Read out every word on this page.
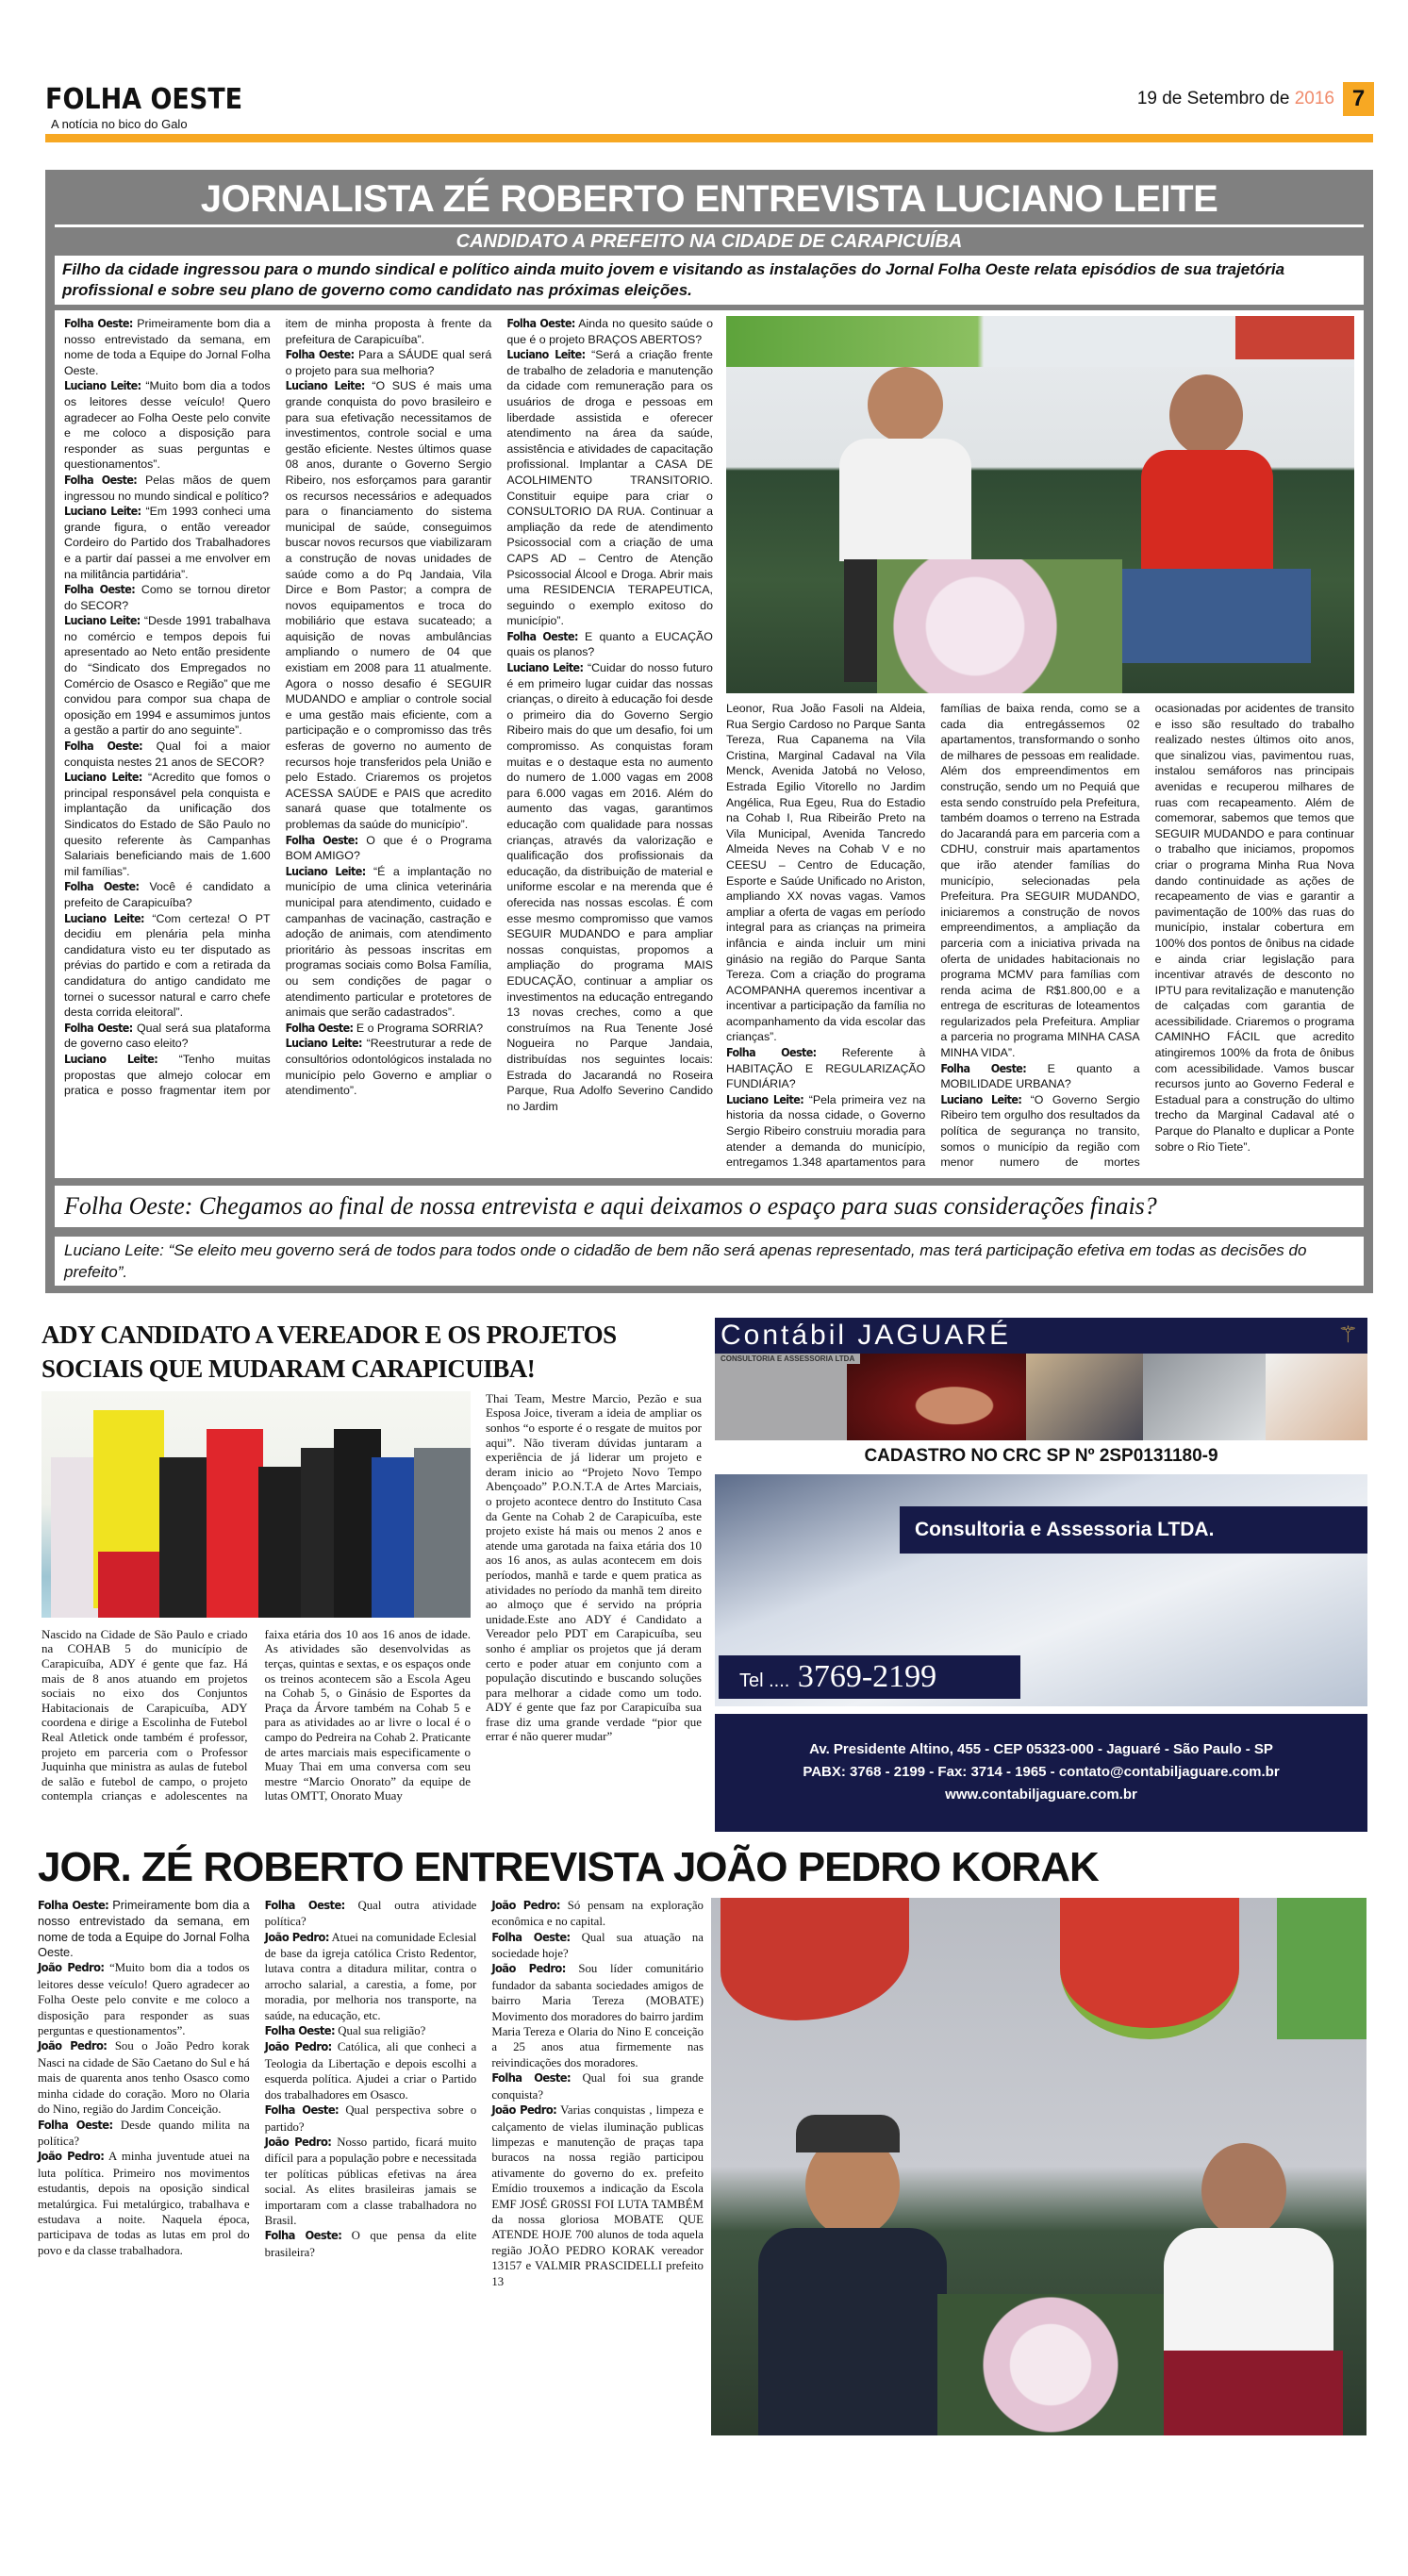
FOLHA OESTE
A notícia no bico do Galo
19 de Setembro de 2016 7
JORNALISTA ZÉ ROBERTO ENTREVISTA LUCIANO LEITE
CANDIDATO A PREFEITO NA CIDADE DE CARAPICUÍBA
Filho da cidade ingressou para o mundo sindical e político ainda muito jovem e visitando as instalações do Jornal Folha Oeste relata episódios de sua trajetória profissional e sobre seu plano de governo como candidato nas próximas eleições.

Folha Oeste: Primeiramente bom dia a nosso entrevistado da semana, em nome de toda a Equipe do Jornal Folha Oeste.

Luciano Leite: “Muito bom dia a todos os leitores desse veículo! Quero agradecer ao Folha Oeste pelo convite e me coloco a disposição para responder as suas perguntas e questionamentos”.

Folha Oeste: Pelas mãos de quem ingressou no mundo sindical e político?

Luciano Leite: “Em 1993 conheci uma grande figura, o então vereador Cordeiro do Partido dos Trabalhadores e a partir daí passei a me envolver em na militância partidária”.

Folha Oeste: Como se tornou diretor do SECOR?

Luciano Leite: “Desde 1991 trabalhava no comércio e tempos depois fui apresentado ao Neto então presidente do “Sindicato dos Empregados no Comércio de Osasco e Região” que me convidou para compor sua chapa de oposição em 1994 e assumimos juntos a gestão a partir do ano seguinte”.

Folha Oeste: Qual foi a maior conquista nestes 21 anos de SECOR?

Luciano Leite: “Acredito que fomos o principal responsável pela conquista e implantação da unificação dos Sindicatos do Estado de São Paulo no quesito referente às Campanhas Salariais beneficiando mais de 1.600 mil famílias”.

Folha Oeste: Você é candidato a prefeito de Carapicuíba?

Luciano Leite: “Com certeza! O PT decidiu em plenária pela minha candidatura visto eu ter disputado as prévias do partido e com a retirada da candidatura do antigo candidato me tornei o sucessor natural e carro chefe desta corrida eleitoral”.

Folha Oeste: Qual será sua plataforma de governo caso eleito?

Luciano Leite: “Tenho muitas propostas que almejo colocar em pratica e posso fragmentar item por item de minha proposta à frente da prefeitura de Carapicuíba”.

Folha Oeste: Para a SÁUDE qual será o projeto para sua melhoria?

Luciano Leite: “O SUS é mais uma grande conquista do povo brasileiro e para sua efetivação necessitamos de investimentos, controle social e uma gestão eficiente. Nestes últimos quase 08 anos, durante o Governo Sergio Ribeiro, nos esforçamos para garantir os recursos necessários e adequados para o financiamento do sistema municipal de saúde, conseguimos buscar novos recursos que viabilizaram a construção de novas unidades de saúde como a do Pq Jandaia, Vila Dirce e Bom Pastor; a compra de novos equipamentos e troca do mobiliário que estava sucateado; a aquisição de novas ambulâncias ampliando o numero de 04 que existiam em 2008 para 11 atualmente. Agora o nosso desafio é SEGUIR MUDANDO e ampliar o controle social e uma gestão mais eficiente, com a participação e o compromisso das três esferas de governo no aumento de recursos hoje transferidos pela União e pelo Estado. Criaremos os projetos ACESSA SAÚDE e PAIS que acredito sanará quase que totalmente os problemas da saúde do município”.

Folha Oeste: O que é o Programa BOM AMIGO?

Luciano Leite: “É a implantação no município de uma clinica veterinária municipal para atendimento, cuidado e campanhas de vacinação, castração e adoção de animais, com atendimento prioritário às pessoas inscritas em programas sociais como Bolsa Família, ou sem condições de pagar o atendimento particular e protetores de animais que serão cadastrados”.

Folha Oeste: E o Programa SORRIA?

Luciano Leite: “Reestruturar a rede de consultórios odontológicos instalada no município pelo Governo e ampliar o atendimento”.

Folha Oeste: Ainda no quesito saúde o que é o projeto BRAÇOS ABERTOS?

Luciano Leite: “Será a criação frente de trabalho de zeladoria e manutenção da cidade com remuneração para os usuários de droga e pessoas em liberdade assistida e oferecer atendimento na área da saúde, assistência e atividades de capacitação profissional. Implantar a CASA DE ACOLHIMENTO TRANSITORIO. Constituir equipe para criar o CONSULTORIO DA RUA. Continuar a ampliação da rede de atendimento Psicossocial com a criação de uma CAPS AD – Centro de Atenção Psicossocial Álcool e Droga. Abrir mais uma RESIDENCIA TERAPEUTICA, seguindo o exemplo exitoso do município”.

Folha Oeste: E quanto a EUCAÇÃO quais os planos?

Luciano Leite: “Cuidar do nosso futuro é em primeiro lugar cuidar das nossas crianças, o direito à educação foi desde o primeiro dia do Governo Sergio Ribeiro mais do que um desafio, foi um compromisso. As conquistas foram muitas e o destaque esta no aumento do numero de 1.000 vagas em 2008 para 6.000 vagas em 2016. Além do aumento das vagas, garantimos educação com qualidade para nossas crianças, através da valorização e qualificação dos profissionais da educação, da distribuição de material e uniforme escolar e na merenda que é oferecida nas nossas escolas. É com esse mesmo compromisso que vamos SEGUIR MUDANDO e para ampliar nossas conquistas, propomos a ampliação do programa MAIS EDUCAÇÃO, continuar a ampliar os investimentos na educação entregando 13 novas creches, como a que construímos na Rua Tenente José Nogueira no Parque Jandaia, distribuídas nos seguintes locais: Estrada do Jacarandá no Roseira Parque, Rua Adolfo Severino Candido no Jardim

Leonor, Rua João Fasoli na Aldeia, Rua Sergio Cardoso no Parque Santa Tereza, Rua Capanema na Vila Cristina, Marginal Cadaval na Vila Menck, Avenida Jatobá no Veloso, Estrada Egilio Vitorello no Jardim Angélica, Rua Egeu, Rua do Estadio na Cohab I, Rua Ribeirão Preto na Vila Municipal, Avenida Tancredo Almeida Neves na Cohab V e no CEESU – Centro de Educação, Esporte e Saúde Unificado no Ariston, ampliando XX novas vagas. Vamos ampliar a oferta de vagas em período integral para as crianças na primeira infância e ainda incluir um mini ginásio na região do Parque Santa Tereza. Com a criação do programa ACOMPANHA queremos incentivar a incentivar a participação da família no acompanhamento da vida escolar das crianças”.

Folha Oeste: Referente à HABITAÇÃO E REGULARIZAÇÃO FUNDIÁRIA?

Luciano Leite: “Pela primeira vez na historia da nossa cidade, o Governo Sergio Ribeiro construiu moradia para atender a demanda do município, entregamos 1.348 apartamentos para famílias de baixa renda, como se a cada dia entregássemos 02 apartamentos, transformando o sonho de milhares de pessoas em realidade. Além dos empreendimentos em construção, sendo um no Pequiá que esta sendo construído pela Prefeitura, também doamos o terreno na Estrada do Jacarandá para em parceria com a CDHU, construir mais apartamentos que irão atender famílias do município, selecionadas pela Prefeitura. Pra SEGUIR MUDANDO, iniciaremos a construção de novos empreendimentos, a ampliação da parceria com a iniciativa privada na oferta de unidades habitacionais no programa MCMV para famílias com renda acima de R$1.800,00 e a entrega de escrituras de loteamentos regularizados pela Prefeitura. Ampliar a parceria no programa MINHA CASA MINHA VIDA”.

Folha Oeste: E quanto a MOBILIDADE URBANA?

Luciano Leite: “O Governo Sergio Ribeiro tem orgulho dos resultados da política de segurança no transito, somos o município da região com menor numero de mortes ocasionadas por acidentes de transito e isso são resultado do trabalho realizado nestes últimos oito anos, que sinalizou vias, pavimentou ruas, instalou semáforos nas principais avenidas e recuperou milhares de ruas com recapeamento. Além de comemorar, sabemos que temos que SEGUIR MUDANDO e para continuar o trabalho que iniciamos, propomos criar o programa Minha Rua Nova dando continuidade as ações de recapeamento de vias e garantir a pavimentação de 100% das ruas do município, instalar cobertura em 100% dos pontos de ônibus na cidade e ainda criar legislação para incentivar através de desconto no IPTU para revitalização e manutenção de calçadas com garantia de acessibilidade. Criaremos o programa CAMINHO FÁCIL que acredito atingiremos 100% da frota de ônibus com acessibilidade. Vamos buscar recursos junto ao Governo Federal e Estadual para a construção do ultimo trecho da Marginal Cadaval até o Parque do Planalto e duplicar a Ponte sobre o Rio Tiete”.

Folha Oeste: Chegamos ao final de nossa entrevista e aqui deixamos o espaço para suas considerações finais?
Luciano Leite: “Se eleito meu governo será de todos para todos onde o cidadão de bem não será apenas representado, mas terá participação efetiva em todas as decisões do prefeito”.
ADY CANDIDATO A VEREADOR E OS PROJETOS
SOCIAIS QUE MUDARAM CARAPICUIBA!

Nascido na Cidade de São Paulo e criado na COHAB 5 do município de Carapicuíba, ADY é gente que faz. Há mais de 8 anos atuando em projetos sociais no eixo dos Conjuntos Habitacionais de Carapicuíba, ADY coordena e dirige a Escolinha de Futebol Real Atletick onde também é professor, projeto em parceria com o Professor Juquinha que ministra as aulas de futebol de salão e futebol de campo, o projeto contempla crianças e adolescentes na faixa etária dos 10 aos 16 anos de idade. As atividades são desenvolvidas as terças, quintas e sextas, e os espaços onde os treinos acontecem são a Escola Ageu na Cohab 5, o Ginásio de Esportes da Praça da Árvore também na Cohab 5 e para as atividades ao ar livre o local é o campo do Pedreira na Cohab 2. Praticante de artes marciais mais especificamente o Muay Thai em uma conversa com seu mestre “Marcio Onorato” da equipe de lutas OMTT, Onorato Muay

Thai Team, Mestre Marcio, Pezão e sua Esposa Joice, tiveram a ideia de ampliar os sonhos “o esporte é o resgate de muitos por aqui”. Não tiveram dúvidas juntaram a experiência de já liderar um projeto e deram inicio ao “Projeto Novo Tempo Abençoado” P.O.N.T.A de Artes Marciais, o projeto acontece dentro do Instituto Casa da Gente na Cohab 2 de Carapicuíba, este projeto existe há mais ou menos 2 anos e atende uma garotada na faixa etária dos 10 aos 16 anos, as aulas acontecem em dois períodos, manhã e tarde e quem pratica as atividades no período da manhã tem direito ao almoço que é servido na própria unidade.Este ano ADY é Candidato a Vereador pelo PDT em Carapicuíba, seu sonho é ampliar os projetos que já deram certo e poder atuar em conjunto com a população discutindo e buscando soluções para melhorar a cidade como um todo. ADY é gente que faz por Carapicuíba sua frase diz uma grande verdade “pior que errar é não querer mudar”

Contábil JAGUARÉ	⚚
CONSULTORIA E ASSESSORIA LTDA
CADASTRO NO CRC SP Nº 2SP0131180-9
Consultoria e Assessoria LTDA.
Tel .... 3769-2199
Av. Presidente Altino, 455 - CEP 05323-000 - Jaguaré - São Paulo - SP
PABX: 3768 - 2199 - Fax: 3714 - 1965 - contato@contabiljaguare.com.br
www.contabiljaguare.com.br
JOR. ZÉ ROBERTO ENTREVISTA JOÃO PEDRO KORAK

Folha Oeste: Primeiramente bom dia a nosso entrevistado da semana, em nome de toda a Equipe do Jornal Folha Oeste.

João Pedro: “Muito bom dia a todos os leitores desse veículo! Quero agradecer ao Folha Oeste pelo convite e me coloco a disposição para responder as suas perguntas e questionamentos”.

João Pedro: Sou o João Pedro korak Nasci na cidade de São Caetano do Sul e há mais de quarenta anos tenho Osasco como minha cidade do coração. Moro no Olaria do Nino, região do Jardim Conceição.

Folha Oeste: Desde quando milita na política?

João Pedro: A minha juventude atuei na luta política. Primeiro nos movimentos estudantis, depois na oposição sindical metalúrgica. Fui metalúrgico, trabalhava e estudava a noite. Naquela época, participava de todas as lutas em prol do povo e da classe trabalhadora.

Folha Oeste: Qual outra atividade política?

João Pedro: Atuei na comunidade Eclesial de base da igreja católica Cristo Redentor, lutava contra a ditadura militar, contra o arrocho salarial, a carestia, a fome, por moradia, por melhoria nos transporte, na saúde, na educação, etc.

Folha Oeste: Qual sua religião?

João Pedro: Católica, ali que conheci a Teologia da Libertação e depois escolhi a esquerda política. Ajudei a criar o Partido dos trabalhadores em Osasco.

Folha Oeste: Qual perspectiva sobre o partido?

João Pedro: Nosso partido, ficará muito difícil para a população pobre e necessitada ter políticas públicas efetivas na área social. As elites brasileiras jamais se importaram com a classe trabalhadora no Brasil.

Folha Oeste: O que pensa da elite brasileira?

João Pedro: Só pensam na exploração econômica e no capital.

Folha Oeste: Qual sua atuação na sociedade hoje?

João Pedro: Sou líder comunitário fundador da sabanta sociedades amigos de bairro Maria Tereza (MOBATE) Movimento dos moradores do bairro jardim Maria Tereza e Olaria do Nino E conceição a 25 anos atua firmemente nas reivindicações dos moradores.

Folha Oeste: Qual foi sua grande conquista?

João Pedro: Varias conquistas , limpeza e calçamento de vielas iluminação publicas limpezas e manutenção de praças tapa buracos na nossa região participou ativamente do governo do ex. prefeito Emídio trouxemos a indicação da Escola EMF JOSÉ GR0SSI FOI LUTA TAMBÉM da nossa gloriosa MOBATE QUE ATENDE HOJE 700 alunos de toda aquela região JOÃO PEDRO KORAK vereador 13157 e VALMIR PRASCIDELLI prefeito 13
